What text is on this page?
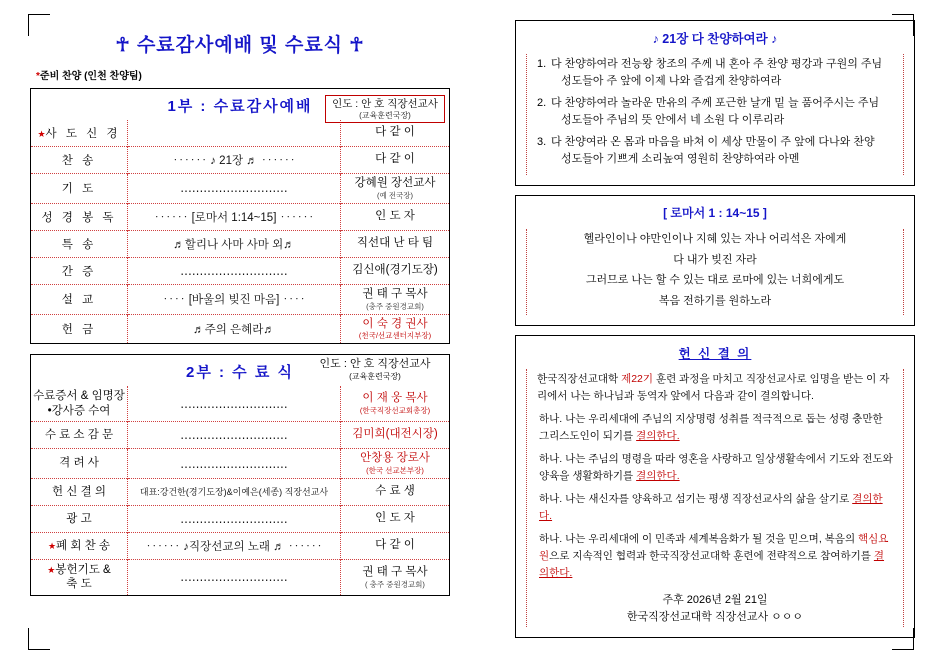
☥ 수료감사예배 및 수료식 ☥
*준비 찬양 (인천 찬양팀)
1부 : 수료감사예배	인도 : 안 호 직장선교사
(교육훈련국장)
★사 도 신 경		다 같 이

찬 송	‥‥‥ ♪ 21장 ♬ ‥‥‥	다 같 이

기 도	‥‥‥‥‥‥‥‥‥‥‥‥‥‥	강혜원 장선교사
(예 전국장)

성 경 봉 독	‥‥‥ [로마서 1:14~15] ‥‥‥	인 도 자

특 송	♬할리나 사마 사마 외♬	직선대 난 타 팀

간 증	‥‥‥‥‥‥‥‥‥‥‥‥‥‥	김신애(경기도장)

설 교	‥‥ [바울의 빚진 마음] ‥‥	권 태 구 목사
(충주 중원경교회)

헌 금	♬주의 은혜라♬	이 숙 경 권사
(천국/선교센터지부장)
2부 : 수 료 식	인도 : 안 호 직장선교사
(교육훈련국장)
수료증서 & 임명장
•강사증 수여	‥‥‥‥‥‥‥‥‥‥‥‥‥‥	이 재 웅 목사
(한국직장선교회총장)

수 료 소 감 문	‥‥‥‥‥‥‥‥‥‥‥‥‥‥	김미희(대전시장)

격 려 사	‥‥‥‥‥‥‥‥‥‥‥‥‥‥	안창용 장로사
(한국 선교본부장)

헌 신 결 의	대표:강건한(경기도장)&이예은(세종) 직장선교사	수 료 생

광 고	‥‥‥‥‥‥‥‥‥‥‥‥‥‥	인 도 자

★폐 회 찬 송	‥‥‥ ♪직장선교의 노래 ♬ ‥‥‥	다 같 이

★봉헌기도 &
축 도	‥‥‥‥‥‥‥‥‥‥‥‥‥‥	권 태 구 목사
( 충주 중원경교회)
♪ 21장 다 찬양하여라 ♪
1. 다 찬양하여라 전능왕 창조의 주께 내 혼아 주 찬양 평강과 구원의 주님
성도들아 주 앞에 이제 나와 즐겁게 찬양하여라
2. 다 찬양하여라 놀라운 만유의 주께 포근한 날개 밑 늘 품어주시는 주님
성도들아 주님의 뜻 안에서 네 소원 다 이루리라
3. 다 찬양여라 온 몸과 마음을 바쳐 이 세상 만물이 주 앞에 다나와 찬양
성도들아 기쁘게 소리높여 영원히 찬양하여라 아멘
[ 로마서 1 : 14~15 ]

헬라인이나 야만인이나 지혜 있는 자나 어리석은 자에게

다 내가 빚진 자라

그러므로 나는 할 수 있는 대로 로마에 있는 너희에게도

복음 전하기를 원하노라

헌 신 결 의

한국직장선교대학 제22기 훈련 과정을 마치고 직장선교사로 임명을 받는 이 자리에서 나는 하나님과 동역자 앞에서 다음과 같이 결의합니다.

하나. 나는 우리세대에 주님의 지상명령 성취를 적극적으로 돕는 성령 충만한 그리스도인이 되기를 결의한다.

하나. 나는 주님의 명령을 따라 영혼을 사랑하고 일상생활속에서 기도와 전도와 양육을 생활화하기를 결의한다.

하나. 나는 새신자를 양육하고 섬기는 평생 직장선교사의 삶을 살기로 결의한다.

하나. 나는 우리세대에 이 민족과 세계복음화가 될 것을 믿으며, 복음의 핵심요원으로 지속적인 협력과 한국직장선교대학 훈련에 전략적으로 참여하기를 결의한다.

주후 2026년 2월 21일
한국직장선교대학 직장선교사 ㅇㅇㅇ
